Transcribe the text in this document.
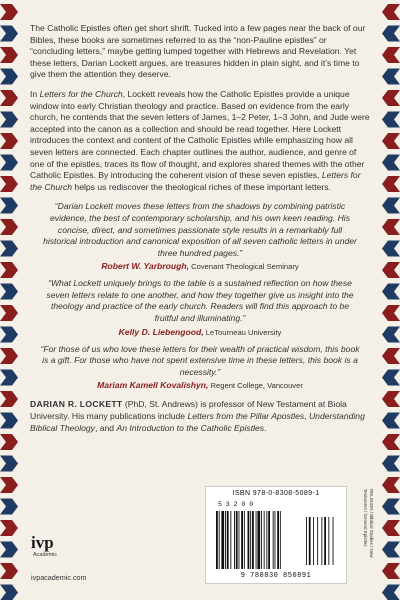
The Catholic Epistles often get short shrift. Tucked into a few pages near the back of our Bibles, these books are sometimes referred to as the “non-Pauline epistles” or “concluding letters,” maybe getting lumped together with Hebrews and Revelation. Yet these letters, Darian Lockett argues, are treasures hidden in plain sight, and it’s time to give them the attention they deserve.

In Letters for the Church, Lockett reveals how the Catholic Epistles provide a unique window into early Christian theology and practice. Based on evidence from the early church, he contends that the seven letters of James, 1–2 Peter, 1–3 John, and Jude were accepted into the canon as a collection and should be read together. Here Lockett introduces the context and content of the Catholic Epistles while emphasizing how all seven letters are connected. Each chapter outlines the author, audience, and genre of one of the epistles, traces its flow of thought, and explores shared themes with the other Catholic Epistles. By introducing the coherent vision of these seven epistles, Letters for the Church helps us rediscover the theological riches of these important letters.

“Darian Lockett moves these letters from the shadows by combining patristic evidence, the best of contemporary scholarship, and his own keen reading. His concise, direct, and sometimes passionate style results in a remarkably full historical introduction and canonical exposition of all seven catholic letters in under three hundred pages.”

Robert W. Yarbrough, Covenant Theological Seminary

“What Lockett uniquely brings to the table is a sustained reflection on how these seven letters relate to one another, and how they together give us insight into the theology and practice of the early church. Readers will find this approach to be fruitful and illuminating.”

Kelly D. Liebengood, LeTourneau University

“For those of us who love these letters for their wealth of practical wisdom, this book is a gift. For those who have not spent extensive time in these letters, this book is a necessity.”

Mariam Kamell Kovalishyn, Regent College, Vancouver

DARIAN R. LOCKETT (PhD, St. Andrews) is professor of New Testament at Biola University. His many publications include Letters from the Pillar Apostles, Understanding Biblical Theology, and An Introduction to the Catholic Epistles.

ivp
Academic
ivpacademic.com
ISBN 978-0-8308-5089-1
5 3 2 0 0
9 780830 850891
RELIGION / Biblical Studies / New Testament / General Epistles
